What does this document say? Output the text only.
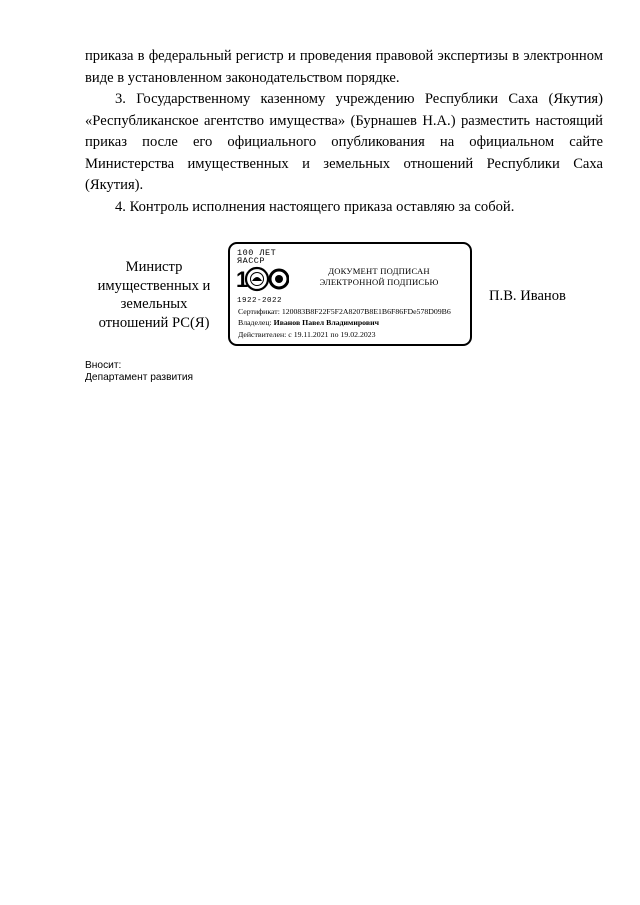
приказа в федеральный регистр и проведения правовой экспертизы в электронном виде в установленном законодательством порядке.

3. Государственному казенному учреждению Республики Саха (Якутия) «Республиканское агентство имущества» (Бурнашев Н.А.) разместить настоящий приказ после его официального опубликования на официальном сайте Министерства имущественных и земельных отношений Республики Саха (Якутия).

4. Контроль исполнения настоящего приказа оставляю за собой.

Министр
имущественных и
земельных
отношений РС(Я)
100 ЛЕТ
ЯАССР
1
1922-2022
ДОКУМЕНТ ПОДПИСАН
ЭЛЕКТРОННОЙ ПОДПИСЬЮ
Сертификат: 120083B8F22F5F2A8207B8E1B6F86FDe578D09B6
Владелец: Иванов Павел Владимирович
Действителен: с 19.11.2021 по 19.02.2023
П.В. Иванов
Вносит:
Департамент развития
